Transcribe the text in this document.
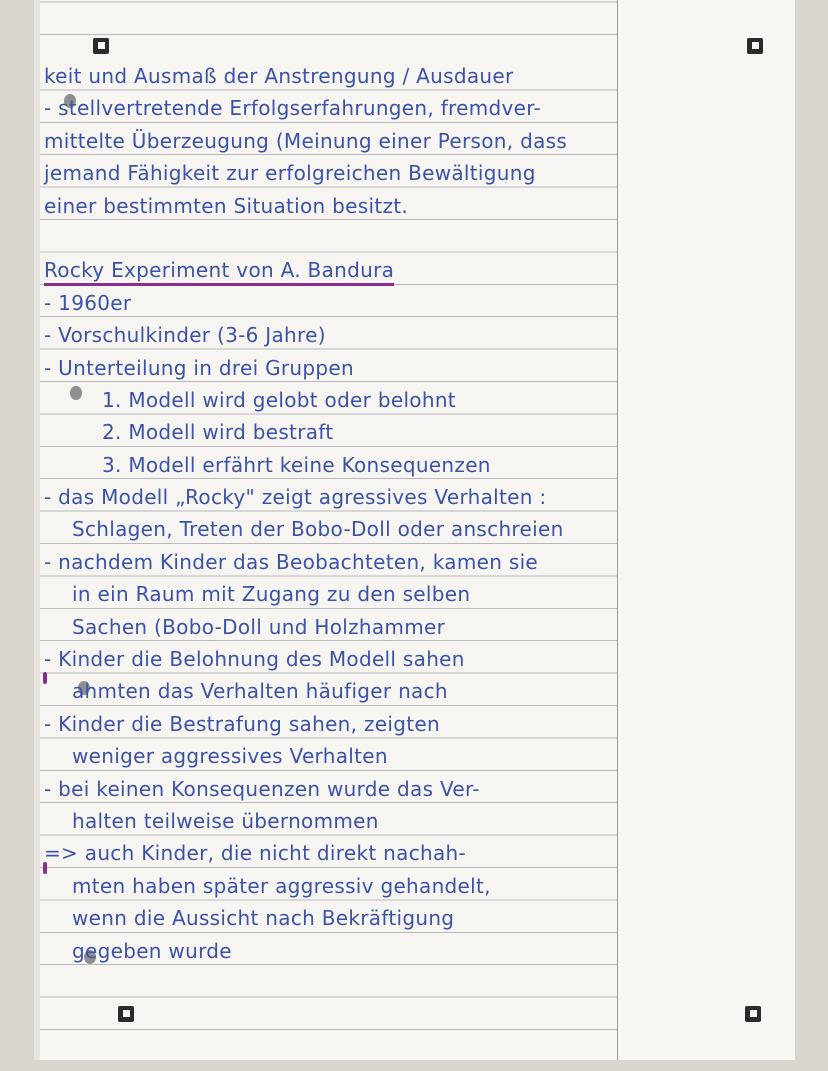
keit und Ausmaß der Anstrengung / Ausdauer
- stellvertretende Erfolgserfahrungen, fremdver-
mittelte Überzeugung (Meinung einer Person, dass
jemand Fähigkeit zur erfolgreichen Bewältigung
einer bestimmten Situation besitzt.
Rocky Experiment von A. Bandura
- 1960er
- Vorschulkinder (3-6 Jahre)
- Unterteilung in drei Gruppen
1. Modell wird gelobt oder belohnt
2. Modell wird bestraft
3. Modell erfährt keine Konsequenzen
- das Modell „Rocky" zeigt agressives Verhalten :
Schlagen, Treten der Bobo-Doll oder anschreien
- nachdem Kinder das Beobachteten, kamen sie
in ein Raum mit Zugang zu den selben
Sachen (Bobo-Doll und Holzhammer
- Kinder die Belohnung des Modell sahen
ahmten das Verhalten häufiger nach
- Kinder die Bestrafung sahen, zeigten
weniger aggressives Verhalten
- bei keinen Konsequenzen wurde das Ver-
halten teilweise übernommen
=> auch Kinder, die nicht direkt nachah-
mten haben später aggressiv gehandelt,
wenn die Aussicht nach Bekräftigung
gegeben wurde
